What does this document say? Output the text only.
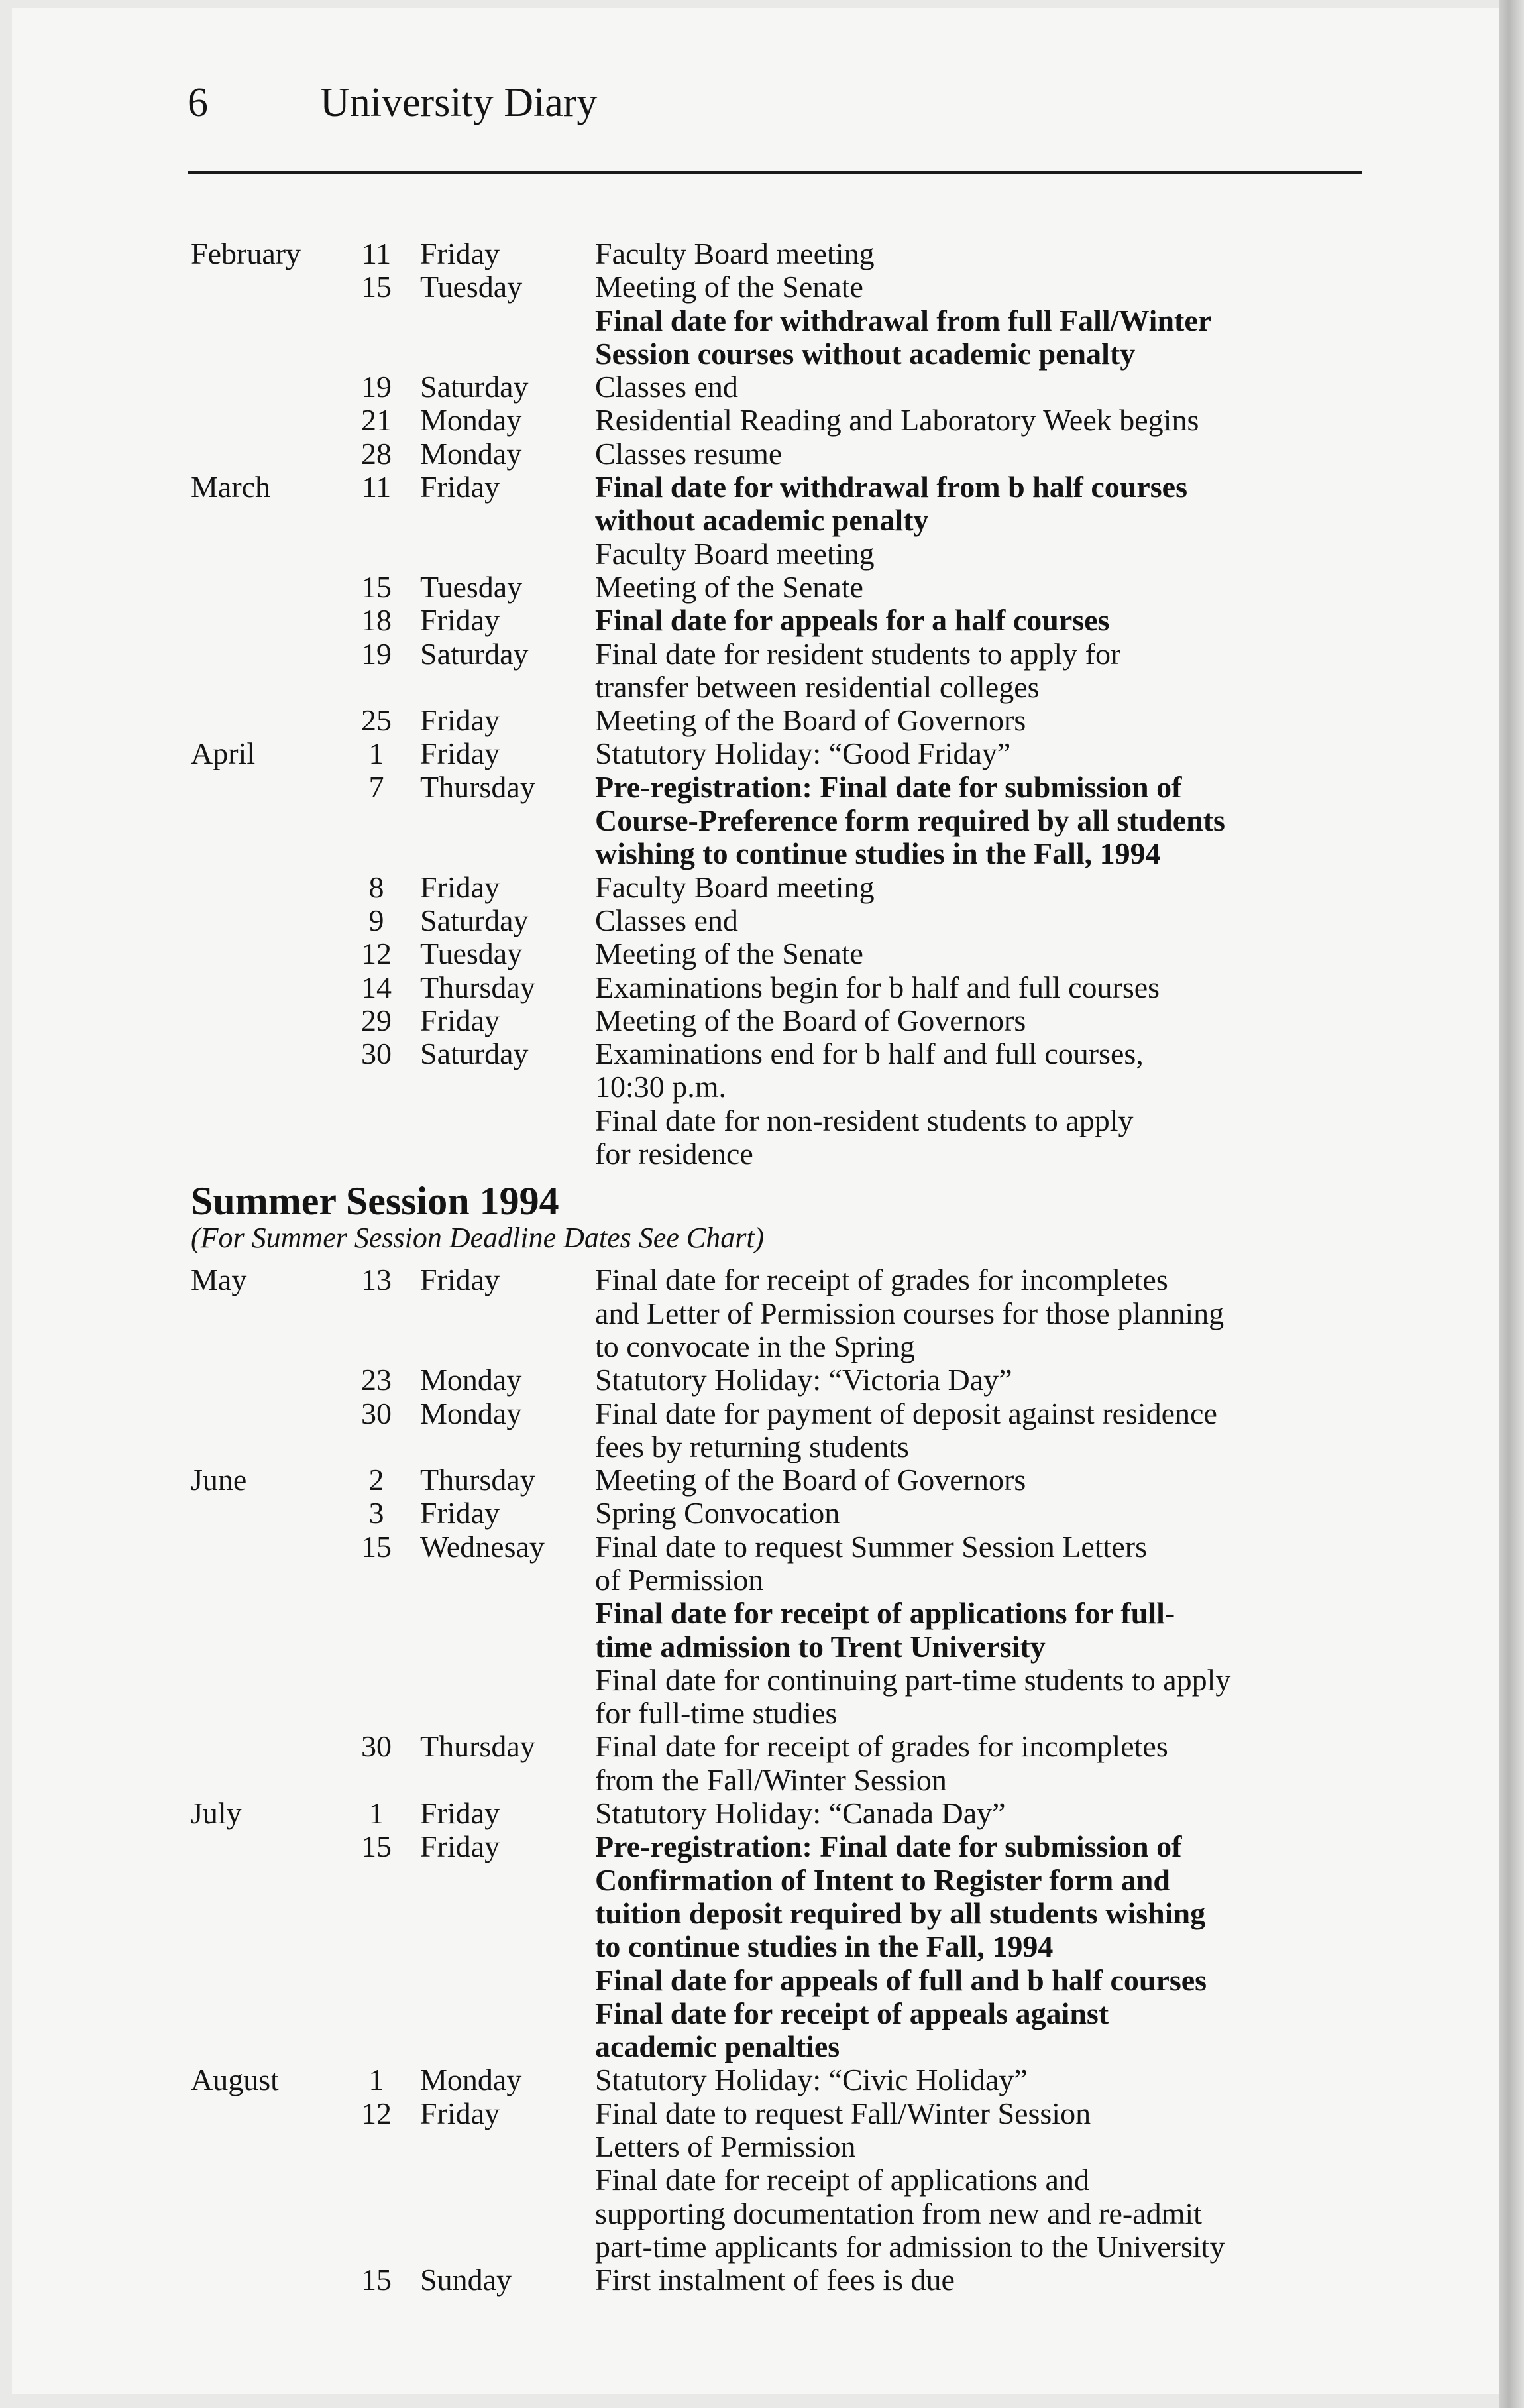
6	University Diary
February	11 Friday	Faculty Board meeting
15 Tuesday	Meeting of the Senate
Final date for withdrawal from full Fall/Winter
Session courses without academic penalty
19 Saturday	Classes end
21 Monday	Residential Reading and Laboratory Week begins
28 Monday	Classes resume
March	11 Friday	Final date for withdrawal from b half courses
without academic penalty
Faculty Board meeting
15 Tuesday	Meeting of the Senate
18 Friday	Final date for appeals for a half courses
19 Saturday	Final date for resident students to apply for
transfer between residential colleges
25 Friday	Meeting of the Board of Governors
April	1	Friday	Statutory Holiday: “Good Friday”
7	Thursday	Pre-registration: Final date for submission of
Course-Preference form required by all students
wishing to continue studies in the Fall, 1994
8	Friday	Faculty Board meeting
9	Saturday	Classes end
12 Tuesday	Meeting of the Senate
14 Thursday	Examinations begin for b half and full courses
29 Friday	Meeting of the Board of Governors
30 Saturday	Examinations end for b half and full courses,
10:30 p.m.
Final date for non-resident students to apply
for residence
Summer Session 1994
(For Summer Session Deadline Dates See Chart)
May	13 Friday	Final date for receipt of grades for incompletes
and Letter of Permission courses for those planning
to convocate in the Spring
23 Monday	Statutory Holiday: “Victoria Day”
30 Monday	Final date for payment of deposit against residence
fees by returning students
June	2	Thursday	Meeting of the Board of Governors
3	Friday	Spring Convocation
15 Wednesay	Final date to request Summer Session Letters
of Permission
Final date for receipt of applications for full-
time admission to Trent University
Final date for continuing part-time students to apply
for full-time studies
30 Thursday	Final date for receipt of grades for incompletes
from the Fall/Winter Session
July	1	Friday	Statutory Holiday: “Canada Day”
15 Friday	Pre-registration: Final date for submission of
Confirmation of Intent to Register form and
tuition deposit required by all students wishing
to continue studies in the Fall, 1994
Final date for appeals of full and b half courses
Final date for receipt of appeals against
academic penalties
August	1	Monday	Statutory Holiday: “Civic Holiday”
12 Friday	Final date to request Fall/Winter Session
Letters of Permission
Final date for receipt of applications and
supporting documentation from new and re-admit
part-time applicants for admission to the University
15 Sunday	First instalment of fees is due
